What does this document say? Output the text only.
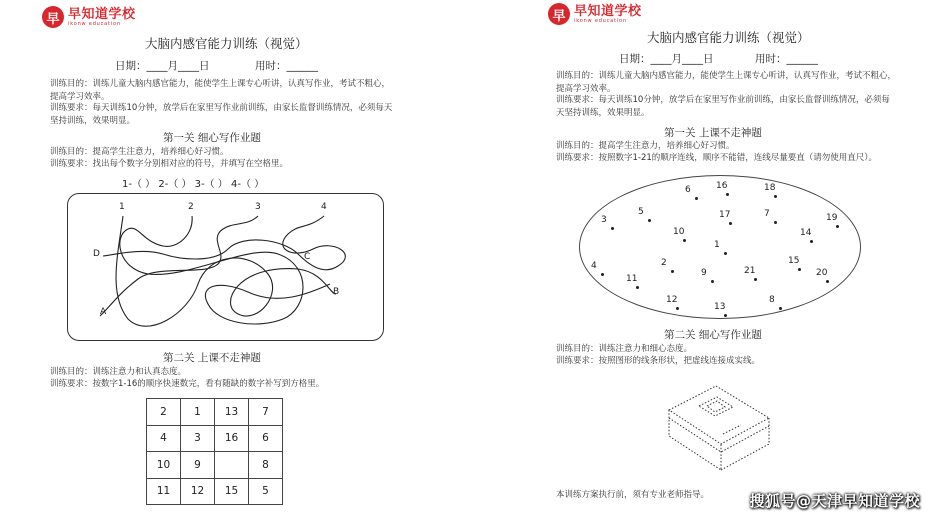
早 早知道学校
ikonw education
大脑内感官能力训练（视觉）
日期：____月____日	用时：______
训练目的：训练儿童大脑内感官能力，能使学生上课专心听讲，认真写作业，考试不粗心，提高学习效率。
训练要求：每天训练10分钟，放学后在家里写作业前训练，由家长监督训练情况，必须每天坚持训练，效果明显。
第一关 细心写作业题
训练目的：提高学生注意力，培养细心好习惯。
训练要求：找出每个数字分别相对应的符号，并填写在空格里。
1-（ ） 2-（ ） 3-（ ） 4-（ ）
1	2	3	4
D	C
B
A
第二关 上课不走神题
训练目的：训练注意力和认真态度。
训练要求：按数字1-16的顺序快速数完，看有随缺的数字补写到方格里。
2	1	13	7
4	3	16	6
10	9		8
11	12	15	5
早 早知道学校
ikonw education
大脑内感官能力训练（视觉）
日期：____月____日	用时：______
训练目的：训练儿童大脑内感官能力，能使学生上课专心听讲，认真写作业，考试不粗心，提高学习效率。
训练要求：每天训练10分钟，放学后在家里写作业前训练，由家长监督训练情况，必须每天坚持训练，效果明显。
第一关 上课不走神题
训练目的：提高学生注意力，培养细心好习惯。
训练要求：按照数字1-21的顺序连线，顺序不能错，连线尽量要直（请勿使用直尺）。
6	16	18
3
5	17	7	19
10	14
1
4	2
9	21
15
20
11
12
13
8
第二关 细心写作业题
训练目的：训练注意力和细心态度。
训练要求：按照图形的线条形状，把虚线连接成实线。
本训练方案执行前，须有专业老师指导。	搜狐号@天津早知道学校
